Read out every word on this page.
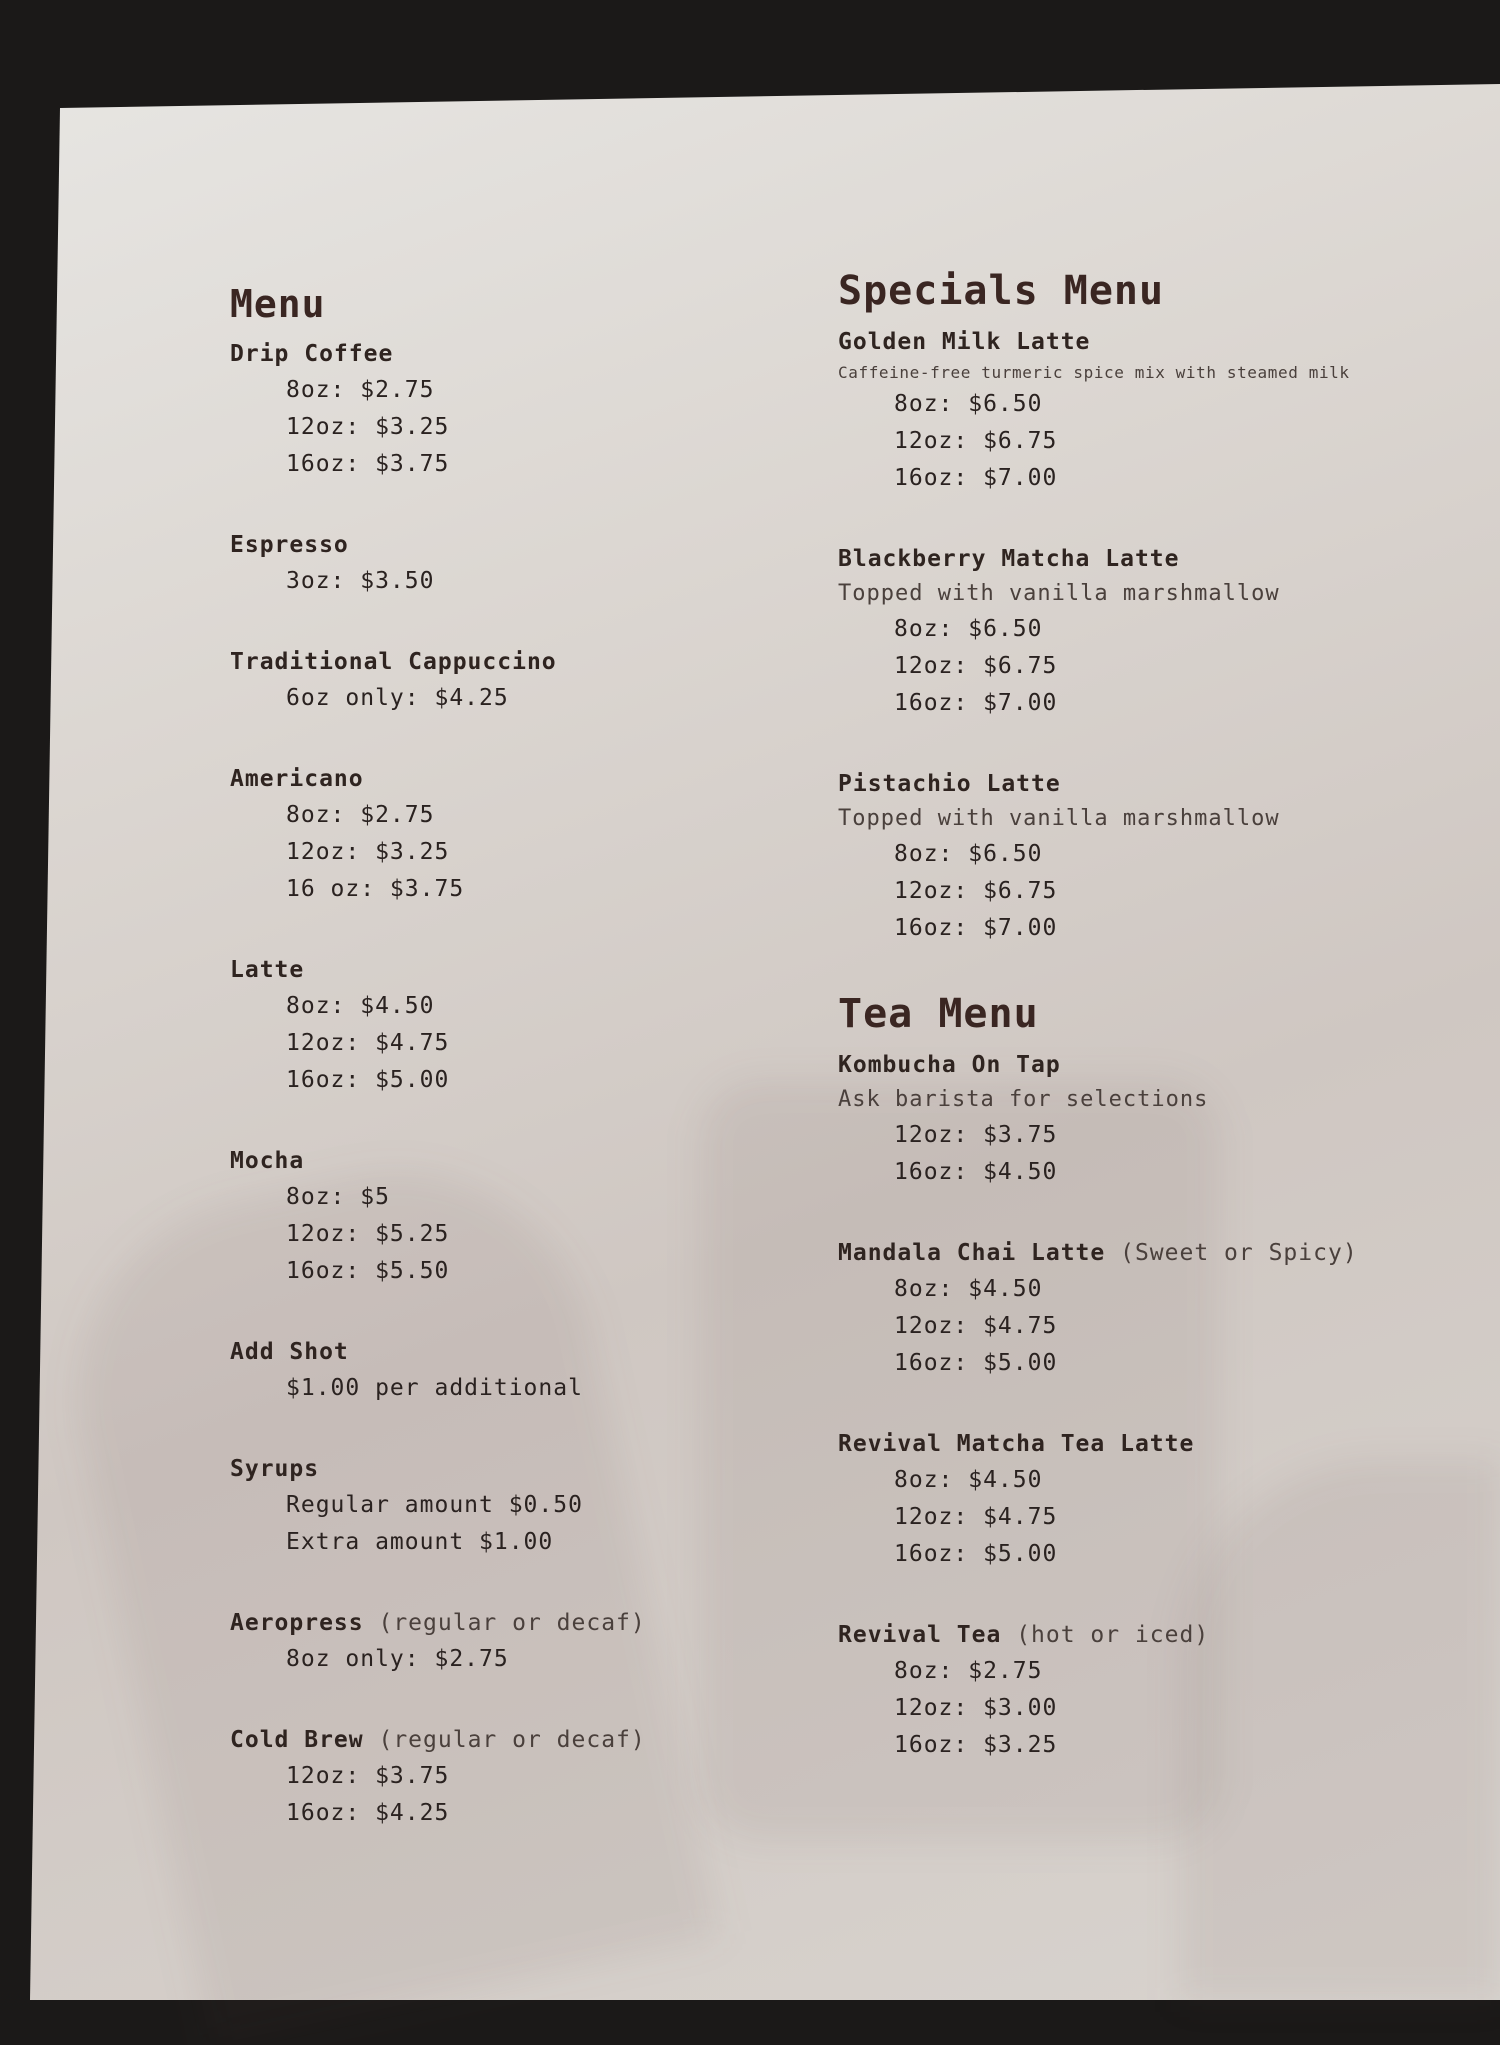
Menu
Drip Coffee
8oz: $2.75
12oz: $3.25
16oz: $3.75
Espresso
3oz: $3.50
Traditional Cappuccino
6oz only: $4.25
Americano
8oz: $2.75
12oz: $3.25
16 oz: $3.75
Latte
8oz: $4.50
12oz: $4.75
16oz: $5.00
Mocha
8oz: $5
12oz: $5.25
16oz: $5.50
Add Shot
$1.00 per additional
Syrups
Regular amount $0.50
Extra amount $1.00
Aeropress (regular or decaf)
8oz only: $2.75
Cold Brew (regular or decaf)
12oz: $3.75
16oz: $4.25
Specials Menu
Golden Milk Latte
Caffeine-free turmeric spice mix with steamed milk
8oz: $6.50
12oz: $6.75
16oz: $7.00
Blackberry Matcha Latte
Topped with vanilla marshmallow
8oz: $6.50
12oz: $6.75
16oz: $7.00
Pistachio Latte
Topped with vanilla marshmallow
8oz: $6.50
12oz: $6.75
16oz: $7.00
Tea Menu
Kombucha On Tap
Ask barista for selections
12oz: $3.75
16oz: $4.50
Mandala Chai Latte (Sweet or Spicy)
8oz: $4.50
12oz: $4.75
16oz: $5.00
Revival Matcha Tea Latte
8oz: $4.50
12oz: $4.75
16oz: $5.00
Revival Tea (hot or iced)
8oz: $2.75
12oz: $3.00
16oz: $3.25
